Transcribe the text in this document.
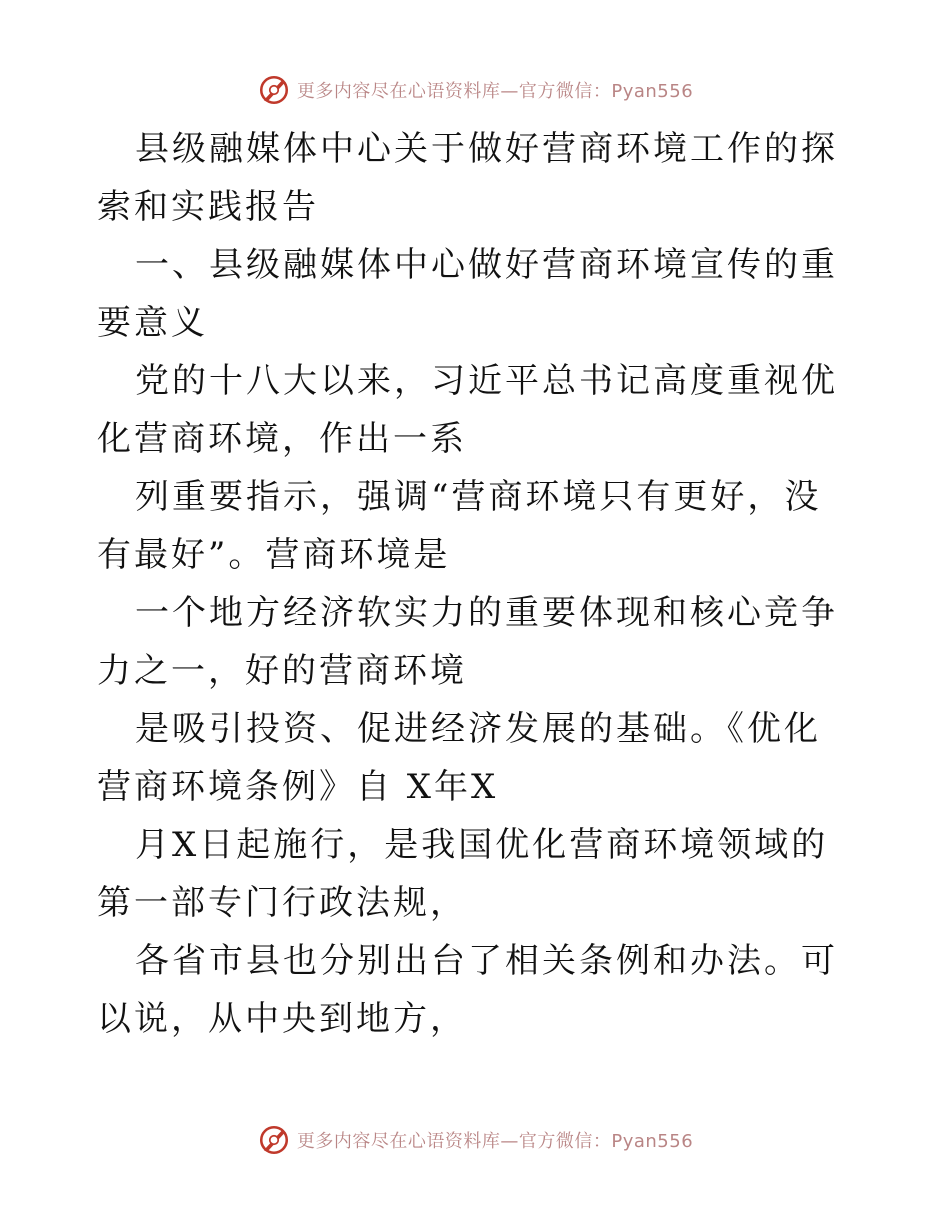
更多内容尽在心语资料库—官方微信：Pyan556

县级融媒体中心关于做好营商环境工作的探索和实践报告

一、县级融媒体中心做好营商环境宣传的重要意义

党的十八大以来，习近平总书记高度重视优化营商环境，作出一系

列重要指示，强调“营商环境只有更好，没有最好”。营商环境是

一个地方经济软实力的重要体现和核心竞争力之一，好的营商环境

是吸引投资、促进经济发展的基础。《优化营商环境条例》自 X年X

月X日起施行，是我国优化营商环境领域的第一部专门行政法规，

各省市县也分别出台了相关条例和办法。可以说，从中央到地方，

更多内容尽在心语资料库—官方微信：Pyan556
